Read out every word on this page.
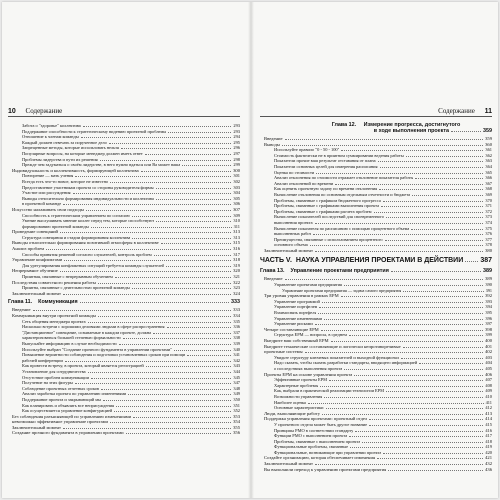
10 Содержание
Забота о "здоровье" коллектива	293
Поддержание способности к стратегическому видению проектной проблемы	293
Отношение к членам команды	294
Каждый должен отвечать за порученное дело	295
Запрещенные методы, которые использовать нельзя	296
Популярные вопросы, на которые менеджер должен иметь ответ	297
Проблемы лидерства и пути их решения	298
Прежде чем задуматься о своём лидерстве, в него нужно вдаться или Ва может ваша	299
Индивидуальность и коллективность, формирующей коллектива	300
Повторение — мать учения	301
Всегда есть что-то новое, которое не известно	302
Предоставление участникам проекта со стороны руководителя фирмы	303
Участие или рассуждения	304
Выводы относительно формирования индивидуальности и коллектива	305
в проектной команде	306
Искусство налаживать свои подходы	307
Способность к стратегическим управлением по согласию	309
Умение выслушивать мнение коллег перед тем, которые способствуют	310
формированию проектной команды	311
Проведение совещаний	313
Структура совещания и стадии формирования коллектива	313
Выводы относительно формирования позитивной атмосферы в коллективе	315
Анализ проблем	316
Способы принятия решений согласно слушателей, контроль проблем	317
Управление конфликтами	318
Для урегулирования конфликтных ситуаций требуется команды слушателей	319
Непрерывное обучение	320
Приятная, связанные с непрерывным обучением	321
Последствия совместного решения работы	322
Приятна, связанные с деятельностью проектной команды	323
Заключительный момент	324
Глава 11. Коммуникация	333
Введение	333
Коммуникация внутри проектной команды	334
Сеть общения менеджера проекта	335
Насколько встречи с хорошими деловыми людьми в сфере распространения	336
"Дистанционное" совещание, созываемые в каждом проекте, должна	337
характеризоваться большей степенью формальности	338
Выпускайте информацию в случае необходимости	339
Используйте выбран "Создание прочного фундамента в управлении проектами"	340
Повышение вероятности соблюдения и подготовки установленных сроков при помощи	341
рабочей конференции	342
Как провести встречу, в проекта, который является регистрацией	343
Установление для сотрудничества	344
Отсутствие проблем коммуникации	345
Получение на этих фигуры	347
Соблюдение проектных отчетных сроков	348
Анализ заработка проекта по управлению изменениями	349
Поддержание проекта и закрывающий мы	350
Как планировать и объявлять все неприсуждения	351
Как осуществляется управление конфигурацией	352
Без соблюдения разъясняющей по управлению изменениями	353
невозможно эффективное управление проектами	354
Заключительный момент	355
Создание прочного фундамента в управлении проектами	356
Содержание 11
Глава 12. Измерение прогресса, достигнутого
в ходе выполнения проекта	359
Введение	359
Выводы	360
Используйте правило "0 - 50 - 100"	361
Стоимость фактически не в приятном суммировании ведения работы	362
Показатели прочие ваш результат отставания от плана	363
Показатели основных целей для измерения расписания	364
Оценка по стоимости	365
Анализ отклонения по стоимости отражает отклонение показателя работы	366
Анализ отклонений по времени	367
Как оценить проектную задачу по времени отклонения	368
Вычисление отклонения по основным отдельным отчетности и бюджета	369
Проблемы, связанные с графиком бюджетного прогресса	370
Проблемы, связанные с графиками выполнения проекта	371
Проблемы, связанные с графиками расчета проблем	372
Вычисление показателей последствий для своевременного	373
выполнения проекта	374
Вычисление показателя по расписанию с помощью процентного объема	375
выполненных работ	376
Преимущества, связанные с использованием процентного	377
основного объема	378
Заключительный момент	380
ЧАСТЬ V. НАУКА УПРАВЛЕНИЯ ПРОЕКТАМИ В ДЕЙСТВИИ 387
Глава 13. Управление проектами предприятия	389
Введение	389
Управление проектами предприятия	390
Управление проектами предприятия — задача самого предприятия	391
Три уровня управления в рамках EPM	392
Управление программой	393
Управление портфелем	394
Взаимосвязь портфеля	395
Управление изменениями	396
Управление рисками	397
Четыре составляющие EPM	398
Структура EPM — вопросы, в среднем	399
Внедрите ваш собственный EPM	400
Внедрите технические составляющие и логически непротиворечивые	401
проектные системы	402
Увидьте структуру ключевых показателей и выходной функционал	403
Надо сказать, чтобы сказать разработки стандарты, вводящего информацией	404
о последствиях выполнения проекта	405
Проекты EPM на основе управления проекта	406
Эффективные проекты EPM	407
Характерные проблемы	408
Как, выбрали в практической реализации технологии EPM	409
Возможности управления	410
Наиболее оценка	411
Основные характеристики	412
Люди, выполняющие работу	413
Поддержка управления проектами: проектный отдел	414
У проектного отдела может быть другое название	415
Принципы PMO в соответствии стандарту	416
Функции PMO с выполнением проекта	417
Проблемы, связанные с выполнением проекта	418
Функциональные проблемы, связанные	419
Функциональные, возникающие при управлении проекта	420
Создайте организацию, которая обеспечивает изменения	421
Заключительный момент	432
Вы выполнили переход к управлению проектами предприятия	436
